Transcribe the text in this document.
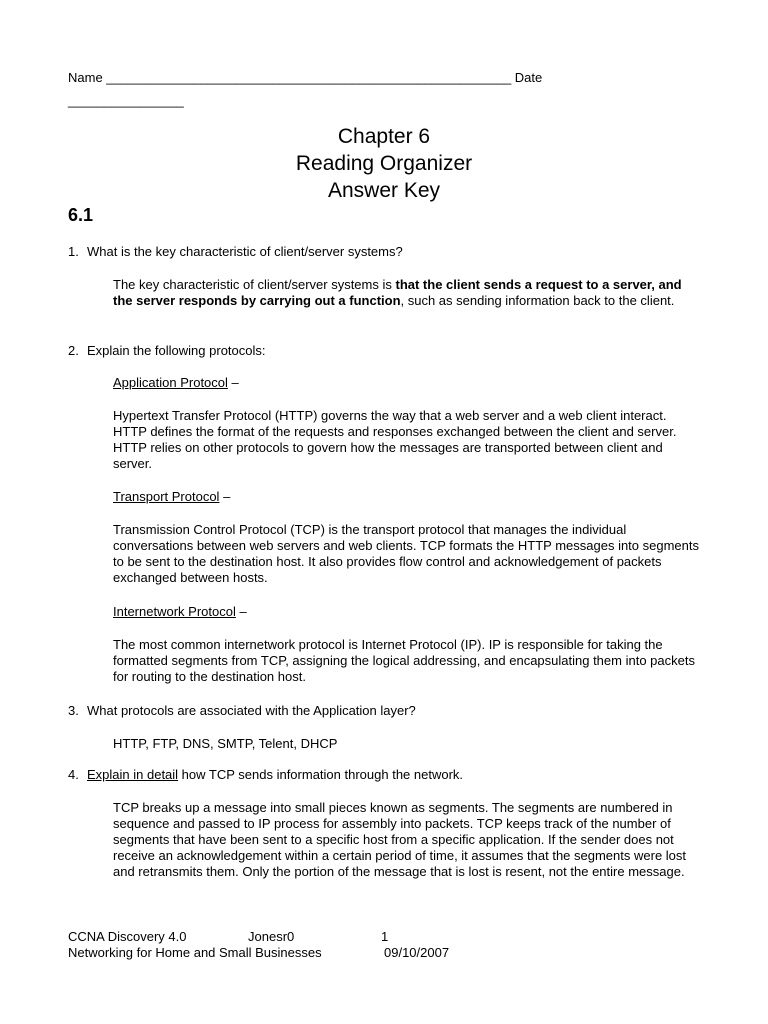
Name ________________________________________________________ Date
________________
Chapter 6
Reading Organizer
Answer Key
6.1
1. What is the key characteristic of client/server systems?
The key characteristic of client/server systems is that the client sends a request to a server, and the server responds by carrying out a function, such as sending information back to the client.
2. Explain the following protocols:
Application Protocol –
Hypertext Transfer Protocol (HTTP) governs the way that a web server and a web client interact. HTTP defines the format of the requests and responses exchanged between the client and server. HTTP relies on other protocols to govern how the messages are transported between client and server.
Transport Protocol –
Transmission Control Protocol (TCP) is the transport protocol that manages the individual conversations between web servers and web clients. TCP formats the HTTP messages into segments to be sent to the destination host. It also provides flow control and acknowledgement of packets exchanged between hosts.
Internetwork Protocol –
The most common internetwork protocol is Internet Protocol (IP). IP is responsible for taking the formatted segments from TCP, assigning the logical addressing, and encapsulating them into packets for routing to the destination host.
3. What protocols are associated with the Application layer?
HTTP, FTP, DNS, SMTP, Telent, DHCP
4. Explain in detail how TCP sends information through the network.
TCP breaks up a message into small pieces known as segments. The segments are numbered in sequence and passed to IP process for assembly into packets. TCP keeps track of the number of segments that have been sent to a specific host from a specific application. If the sender does not receive an acknowledgement within a certain period of time, it assumes that the segments were lost and retransmits them. Only the portion of the message that is lost is resent, not the entire message.
CCNA Discovery 4.0	Jonesr0	1
Networking for Home and Small Businesses	09/10/2007
